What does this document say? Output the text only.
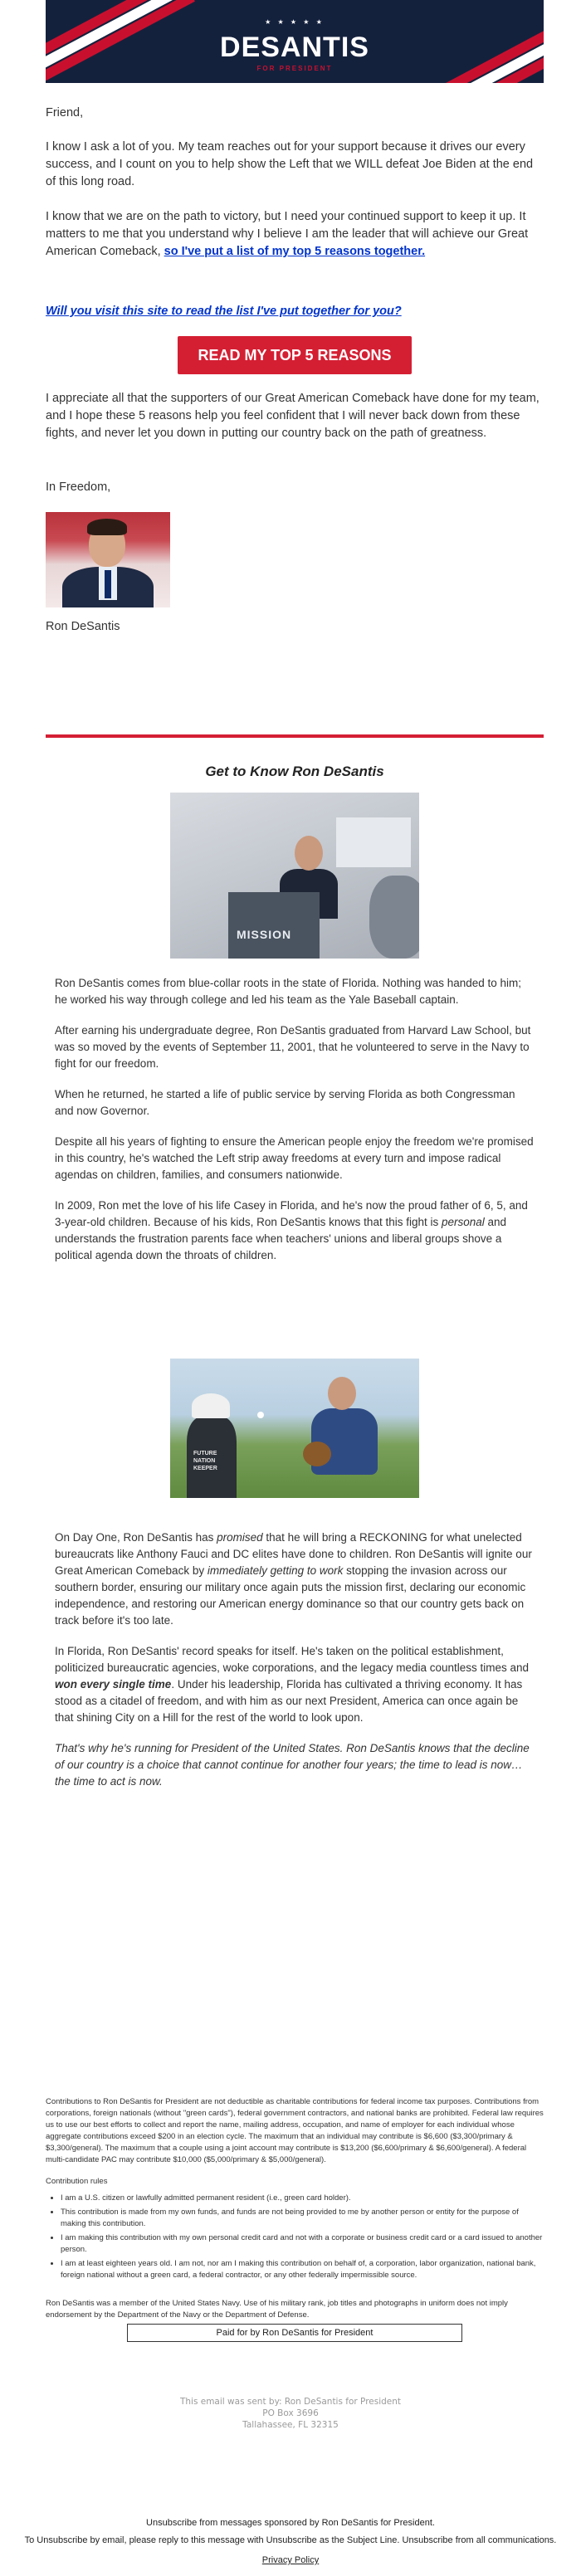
★ ★ ★ ★ ★
DESANTIS
FOR PRESIDENT

Friend,

I know I ask a lot of you. My team reaches out for your support because it drives our every success, and I count on you to help show the Left that we WILL defeat Joe Biden at the end of this long road.

I know that we are on the path to victory, but I need your continued support to keep it up. It matters to me that you understand why I believe I am the leader that will achieve our Great American Comeback, so I've put a list of my top 5 reasons together.

Will you visit this site to read the list I've put together for you?

READ MY TOP 5 REASONS

I appreciate all that the supporters of our Great American Comeback have done for my team, and I hope these 5 reasons help you feel confident that I will never back down from these fights, and never let you down in putting our country back on the path of greatness.

In Freedom,

Ron DeSantis

Get to Know Ron DeSantis
MISSION

Ron DeSantis comes from blue-collar roots in the state of Florida. Nothing was handed to him; he worked his way through college and led his team as the Yale Baseball captain.

After earning his undergraduate degree, Ron DeSantis graduated from Harvard Law School, but was so moved by the events of September 11, 2001, that he volunteered to serve in the Navy to fight for our freedom.

When he returned, he started a life of public service by serving Florida as both Congressman and now Governor.

Despite all his years of fighting to ensure the American people enjoy the freedom we're promised in this country, he's watched the Left strip away freedoms at every turn and impose radical agendas on children, families, and consumers nationwide.

In 2009, Ron met the love of his life Casey in Florida, and he's now the proud father of 6, 5, and 3-year-old children. Because of his kids, Ron DeSantis knows that this fight is personal and understands the frustration parents face when teachers' unions and liberal groups shove a political agenda down the throats of children.

FUTURE
NATION
KEEPER

On Day One, Ron DeSantis has promised that he will bring a RECKONING for what unelected bureaucrats like Anthony Fauci and DC elites have done to children. Ron DeSantis will ignite our Great American Comeback by immediately getting to work stopping the invasion across our southern border, ensuring our military once again puts the mission first, declaring our economic independence, and restoring our American energy dominance so that our country gets back on track before it's too late.

In Florida, Ron DeSantis' record speaks for itself. He's taken on the political establishment, politicized bureaucratic agencies, woke corporations, and the legacy media countless times and won every single time. Under his leadership, Florida has cultivated a thriving economy. It has stood as a citadel of freedom, and with him as our next President, America can once again be that shining City on a Hill for the rest of the world to look upon.

That's why he's running for President of the United States. Ron DeSantis knows that the decline of our country is a choice that cannot continue for another four years; the time to lead is now… the time to act is now.

Contributions to Ron DeSantis for President are not deductible as charitable contributions for federal income tax purposes. Contributions from corporations, foreign nationals (without "green cards"), federal government contractors, and national banks are prohibited. Federal law requires us to use our best efforts to collect and report the name, mailing address, occupation, and name of employer for each individual whose aggregate contributions exceed $200 in an election cycle. The maximum that an individual may contribute is $6,600 ($3,300/primary & $3,300/general). The maximum that a couple using a joint account may contribute is $13,200 ($6,600/primary & $6,600/general). A federal multi-candidate PAC may contribute $10,000 ($5,000/primary & $5,000/general).

Contribution rules

• I am a U.S. citizen or lawfully admitted permanent resident (i.e., green card holder).
• This contribution is made from my own funds, and funds are not being provided to me by another person or entity for the purpose of making this contribution.
• I am making this contribution with my own personal credit card and not with a corporate or business credit card or a card issued to another person.
• I am at least eighteen years old. I am not, nor am I making this contribution on behalf of, a corporation, labor organization, national bank, foreign national without a green card, a federal contractor, or any other federally impermissible source.

Ron DeSantis was a member of the United States Navy. Use of his military rank, job titles and photographs in uniform does not imply endorsement by the Department of the Navy or the Department of Defense.

Paid for by Ron DeSantis for President
This email was sent by: Ron DeSantis for President
PO Box 3696
Tallahassee, FL 32315
Unsubscribe from messages sponsored by Ron DeSantis for President.
To Unsubscribe by email, please reply to this message with Unsubscribe as the Subject Line. Unsubscribe from all communications.
Privacy Policy
